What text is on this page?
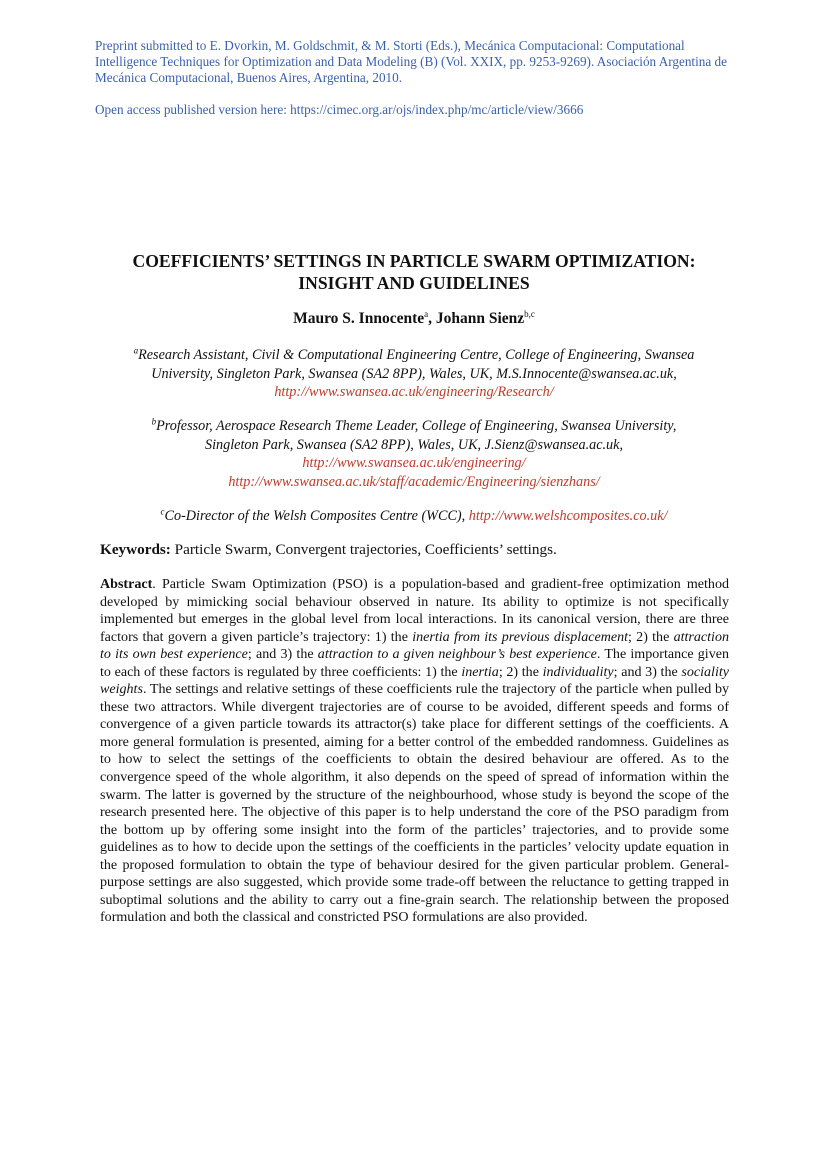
Preprint submitted to E. Dvorkin, M. Goldschmit, & M. Storti (Eds.), Mecánica Computacional: Computational Intelligence Techniques for Optimization and Data Modeling (B) (Vol. XXIX, pp. 9253-9269). Asociación Argentina de Mecánica Computacional, Buenos Aires, Argentina, 2010.

Open access published version here: https://cimec.org.ar/ojs/index.php/mc/article/view/3666

COEFFICIENTS’ SETTINGS IN PARTICLE SWARM OPTIMIZATION:
INSIGHT AND GUIDELINES
Mauro S. Innocente$^a$, Johann Sienz$^{b,c}$
$^a$Research Assistant, Civil & Computational Engineering Centre, College of Engineering, Swansea
University, Singleton Park, Swansea (SA2 8PP), Wales, UK, M.S.Innocente@swansea.ac.uk,
http://www.swansea.ac.uk/engineering/Research/
$^b$Professor, Aerospace Research Theme Leader, College of Engineering, Swansea University,
Singleton Park, Swansea (SA2 8PP), Wales, UK, J.Sienz@swansea.ac.uk,
http://www.swansea.ac.uk/engineering/
http://www.swansea.ac.uk/staff/academic/Engineering/sienzhans/
$^c$Co-Director of the Welsh Composites Centre (WCC), http://www.welshcomposites.co.uk/
Keywords: Particle Swarm, Convergent trajectories, Coefficients’ settings.

Abstract. Particle Swam Optimization (PSO) is a population-based and gradient-free optimization method developed by mimicking social behaviour observed in nature. Its ability to optimize is not specifically implemented but emerges in the global level from local interactions. In its canonical version, there are three factors that govern a given particle’s trajectory: 1) the inertia from its previous displacement; 2) the attraction to its own best experience; and 3) the attraction to a given neighbour’s best experience. The importance given to each of these factors is regulated by three coefficients: 1) the inertia; 2) the individuality; and 3) the sociality weights. The settings and relative settings of these coefficients rule the trajectory of the particle when pulled by these two attractors. While divergent trajectories are of course to be avoided, different speeds and forms of convergence of a given particle towards its attractor(s) take place for different settings of the coefficients. A more general formulation is presented, aiming for a better control of the embedded randomness. Guidelines as to how to select the settings of the coefficients to obtain the desired behaviour are offered. As to the convergence speed of the whole algorithm, it also depends on the speed of spread of information within the swarm. The latter is governed by the structure of the neighbourhood, whose study is beyond the scope of the research presented here. The objective of this paper is to help understand the core of the PSO paradigm from the bottom up by offering some insight into the form of the particles’ trajectories, and to provide some guidelines as to how to decide upon the settings of the coefficients in the particles’ velocity update equation in the proposed formulation to obtain the type of behaviour desired for the given particular problem. General-purpose settings are also suggested, which provide some trade-off between the reluctance to getting trapped in suboptimal solutions and the ability to carry out a fine-grain search. The relationship between the proposed formulation and both the classical and constricted PSO formulations are also provided.
